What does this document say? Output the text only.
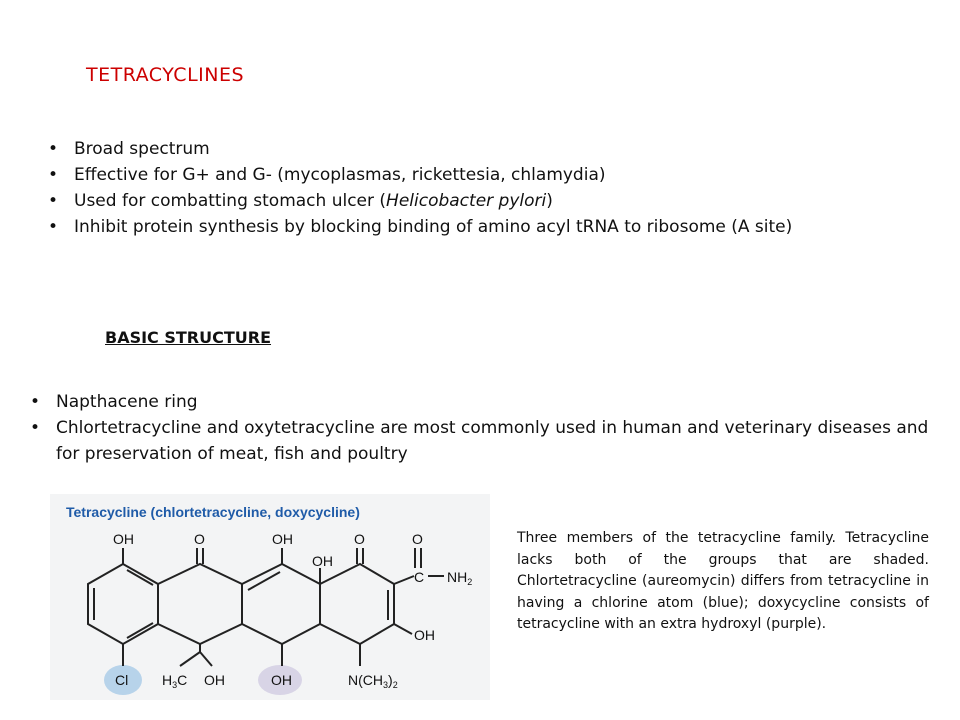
TETRACYCLINES
• Broad spectrum
• Effective for G+ and G- (mycoplasmas, rickettesia, chlamydia)
• Used for combatting stomach ulcer (Helicobacter pylori)
• Inhibit protein synthesis by blocking binding of amino acyl tRNA to ribosome (A site)
BASIC STRUCTURE
• Napthacene ring
• Chlortetracycline and oxytetracycline are most commonly used in human and veterinary diseases and for preservation of meat, fish and poultry
Tetracycline (chlortetracycline, doxycycline)
OH	O	OH
OH
O	O
C $NH_2$
OH
Cl $H_3C$ OH	OH	$N(CH_3)_2$
Three members of the tetracycline family. Tetracycline lacks both of the groups that are shaded. Chlortetracycline (aureomycin) differs from tetracycline in having a chlorine atom (blue); doxycycline consists of tetracycline with an extra hydroxyl (purple).
